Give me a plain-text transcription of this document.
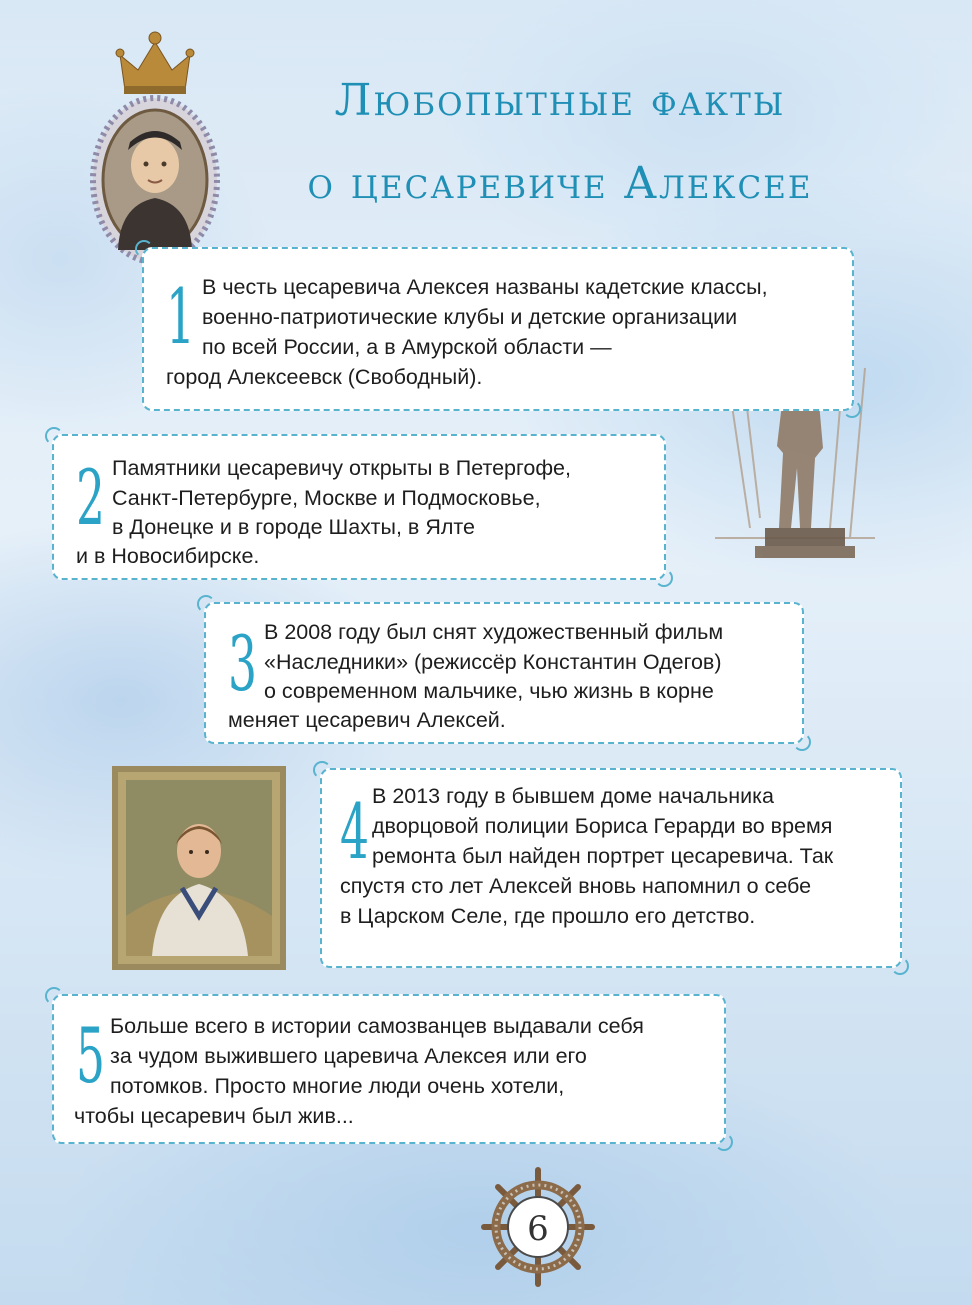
Любопытные факты
о цесаревиче Алексее
1 В честь цесаревича Алексея названы кадетские классы,
военно-патриотические клубы и детские организации
по всей России, а в Амурской области —
город Алексеевск (Свободный).
2 Памятники цесаревичу открыты в Петергофе,
Санкт-Петербурге, Москве и Подмосковье,
в Донецке и в городе Шахты, в Ялте
и в Новосибирске.
3 В 2008 году был снят художественный фильм
«Наследники» (режиссёр Константин Одегов)
о современном мальчике, чью жизнь в корне
меняет цесаревич Алексей.
4 В 2013 году в бывшем доме начальника
дворцовой полиции Бориса Герарди во время
ремонта был найден портрет цесаревича. Так
спустя сто лет Алексей вновь напомнил о себе
в Царском Селе, где прошло его детство.
5 Больше всего в истории самозванцев выдавали себя
за чудом выжившего царевича Алексея или его
потомков. Просто многие люди очень хотели,
чтобы цесаревич был жив...
6
